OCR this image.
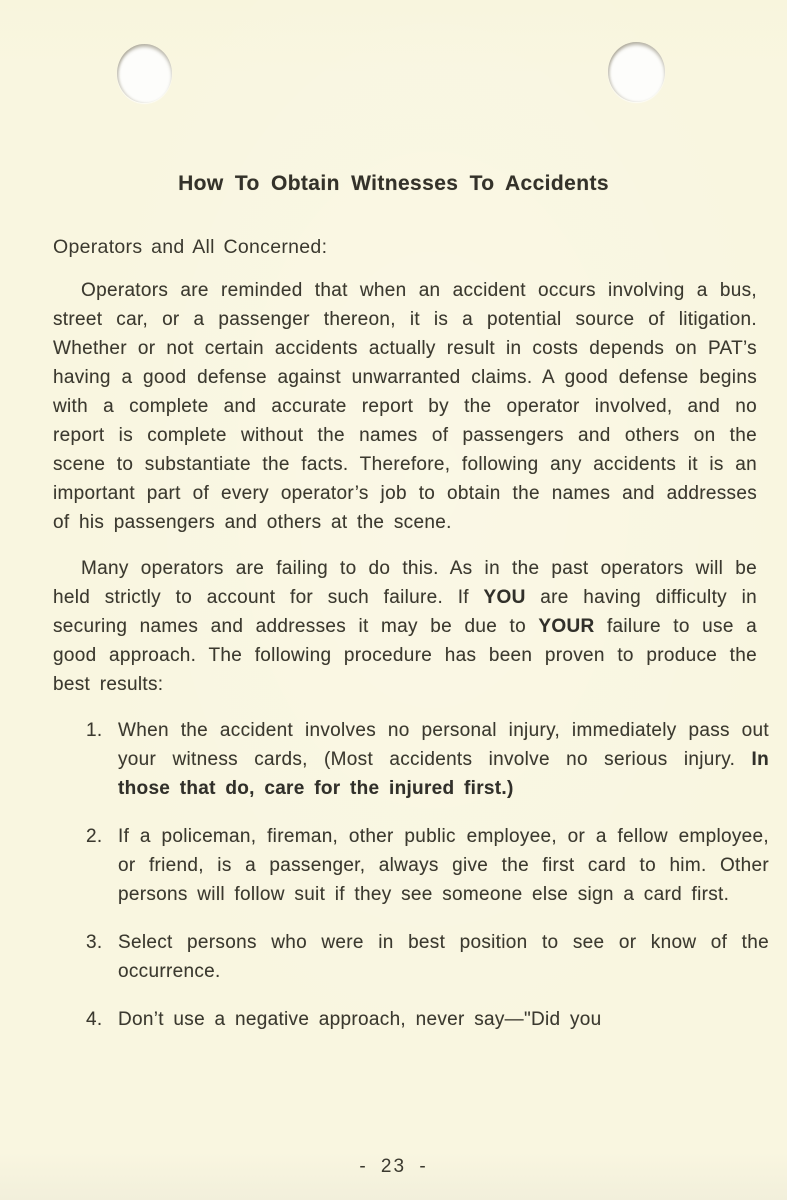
How To Obtain Witnesses To Accidents

Operators and All Concerned:

Operators are reminded that when an accident occurs involving a bus, street car, or a passenger thereon, it is a potential source of litigation. Whether or not certain accidents actually result in costs depends on PAT’s having a good defense against unwarranted claims. A good defense begins with a complete and accurate report by the operator involved, and no report is complete without the names of passengers and others on the scene to substantiate the facts. Therefore, following any accidents it is an important part of every operator’s job to obtain the names and addresses of his passengers and others at the scene.

Many operators are failing to do this. As in the past operators will be held strictly to account for such failure. If YOU are having difficulty in securing names and addresses it may be due to YOUR failure to use a good approach. The following procedure has been proven to produce the best results:

1. When the accident involves no personal injury, immediately pass out your witness cards, (Most accidents involve no serious injury. In those that do, care for the injured first.)
2. If a policeman, fireman, other public employee, or a fellow employee, or friend, is a passenger, always give the first card to him. Other persons will follow suit if they see someone else sign a card first.
3. Select persons who were in best position to see or know of the occurrence.
4. Don’t use a negative approach, never say—"Did you
- 23 -
